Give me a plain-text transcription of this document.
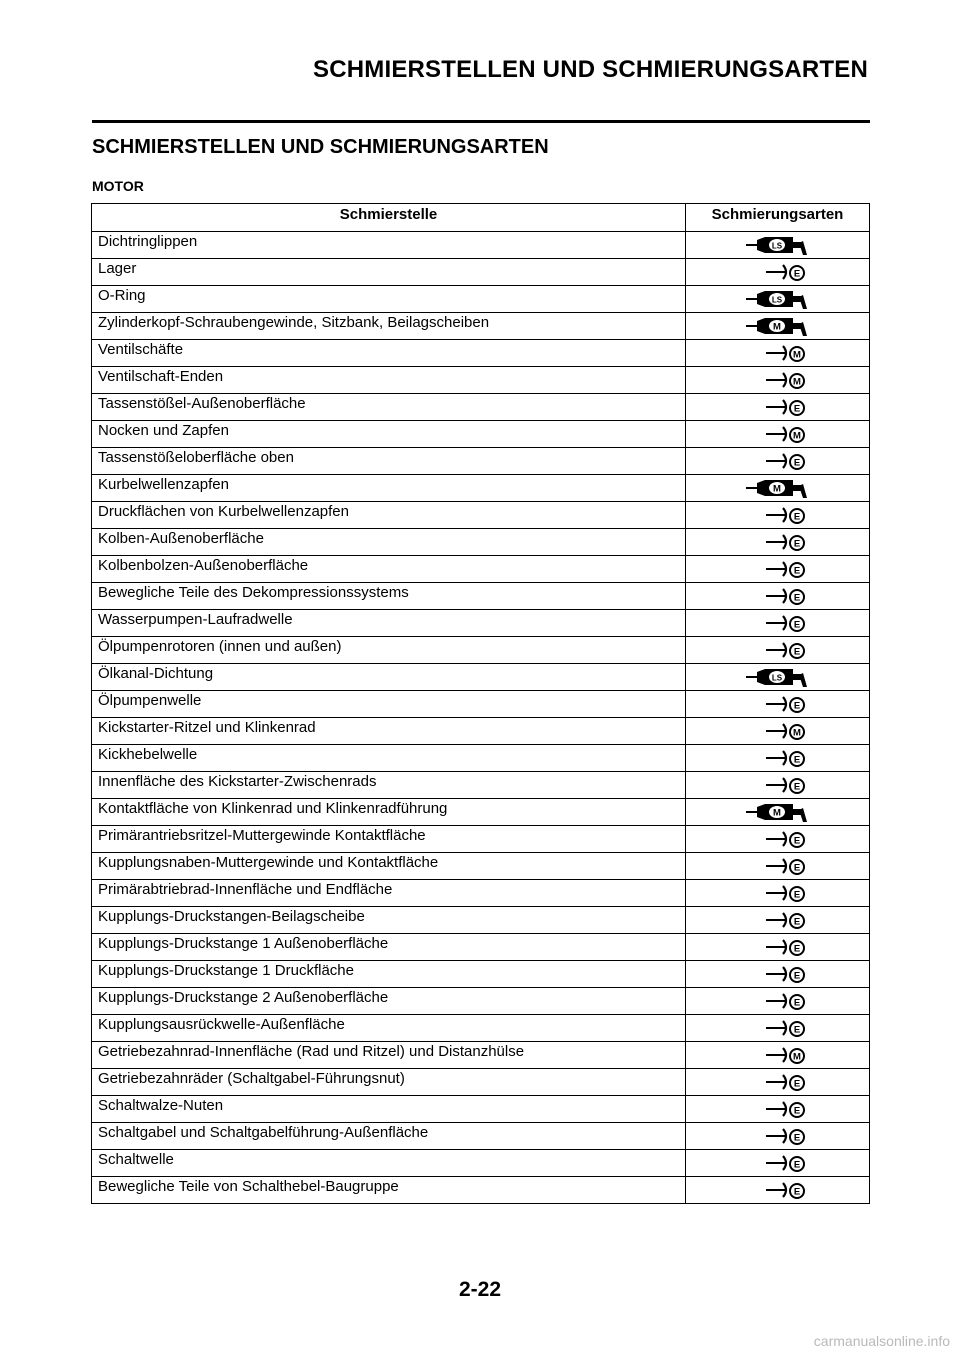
SCHMIERSTELLEN UND SCHMIERUNGSARTEN
SCHMIERSTELLEN UND SCHMIERUNGSARTEN
MOTOR
Schmierstelle	Schmierungsarten
Dichtringlippen	LS

Lager	E

O-Ring	LS

Zylinderkopf-Schraubengewinde, Sitzbank, Beilagscheiben	M

Ventilschäfte	M

Ventilschaft-Enden	M

Tassenstößel-Außenoberfläche	E

Nocken und Zapfen	M

Tassenstößeloberfläche oben	E

Kurbelwellenzapfen	M

Druckflächen von Kurbelwellenzapfen	E

Kolben-Außenoberfläche	E

Kolbenbolzen-Außenoberfläche	E

Bewegliche Teile des Dekompressionssystems	E

Wasserpumpen-Laufradwelle	E

Ölpumpenrotoren (innen und außen)	E

Ölkanal-Dichtung	LS

Ölpumpenwelle	E

Kickstarter-Ritzel und Klinkenrad	M

Kickhebelwelle	E

Innenfläche des Kickstarter-Zwischenrads	E

Kontaktfläche von Klinkenrad und Klinkenradführung	M

Primärantriebsritzel-Muttergewinde Kontaktfläche	E

Kupplungsnaben-Muttergewinde und Kontaktfläche	E

Primärabtriebrad-Innenfläche und Endfläche	E

Kupplungs-Druckstangen-Beilagscheibe	E

Kupplungs-Druckstange 1 Außenoberfläche	E

Kupplungs-Druckstange 1 Druckfläche	E

Kupplungs-Druckstange 2 Außenoberfläche	E

Kupplungsausrückwelle-Außenfläche	E

Getriebezahnrad-Innenfläche (Rad und Ritzel) und Distanzhülse	M

Getriebezahnräder (Schaltgabel-Führungsnut)	E

Schaltwalze-Nuten	E

Schaltgabel und Schaltgabelführung-Außenfläche	E

Schaltwelle	E

Bewegliche Teile von Schalthebel-Baugruppe	E
2-22
carmanualsonline.info
